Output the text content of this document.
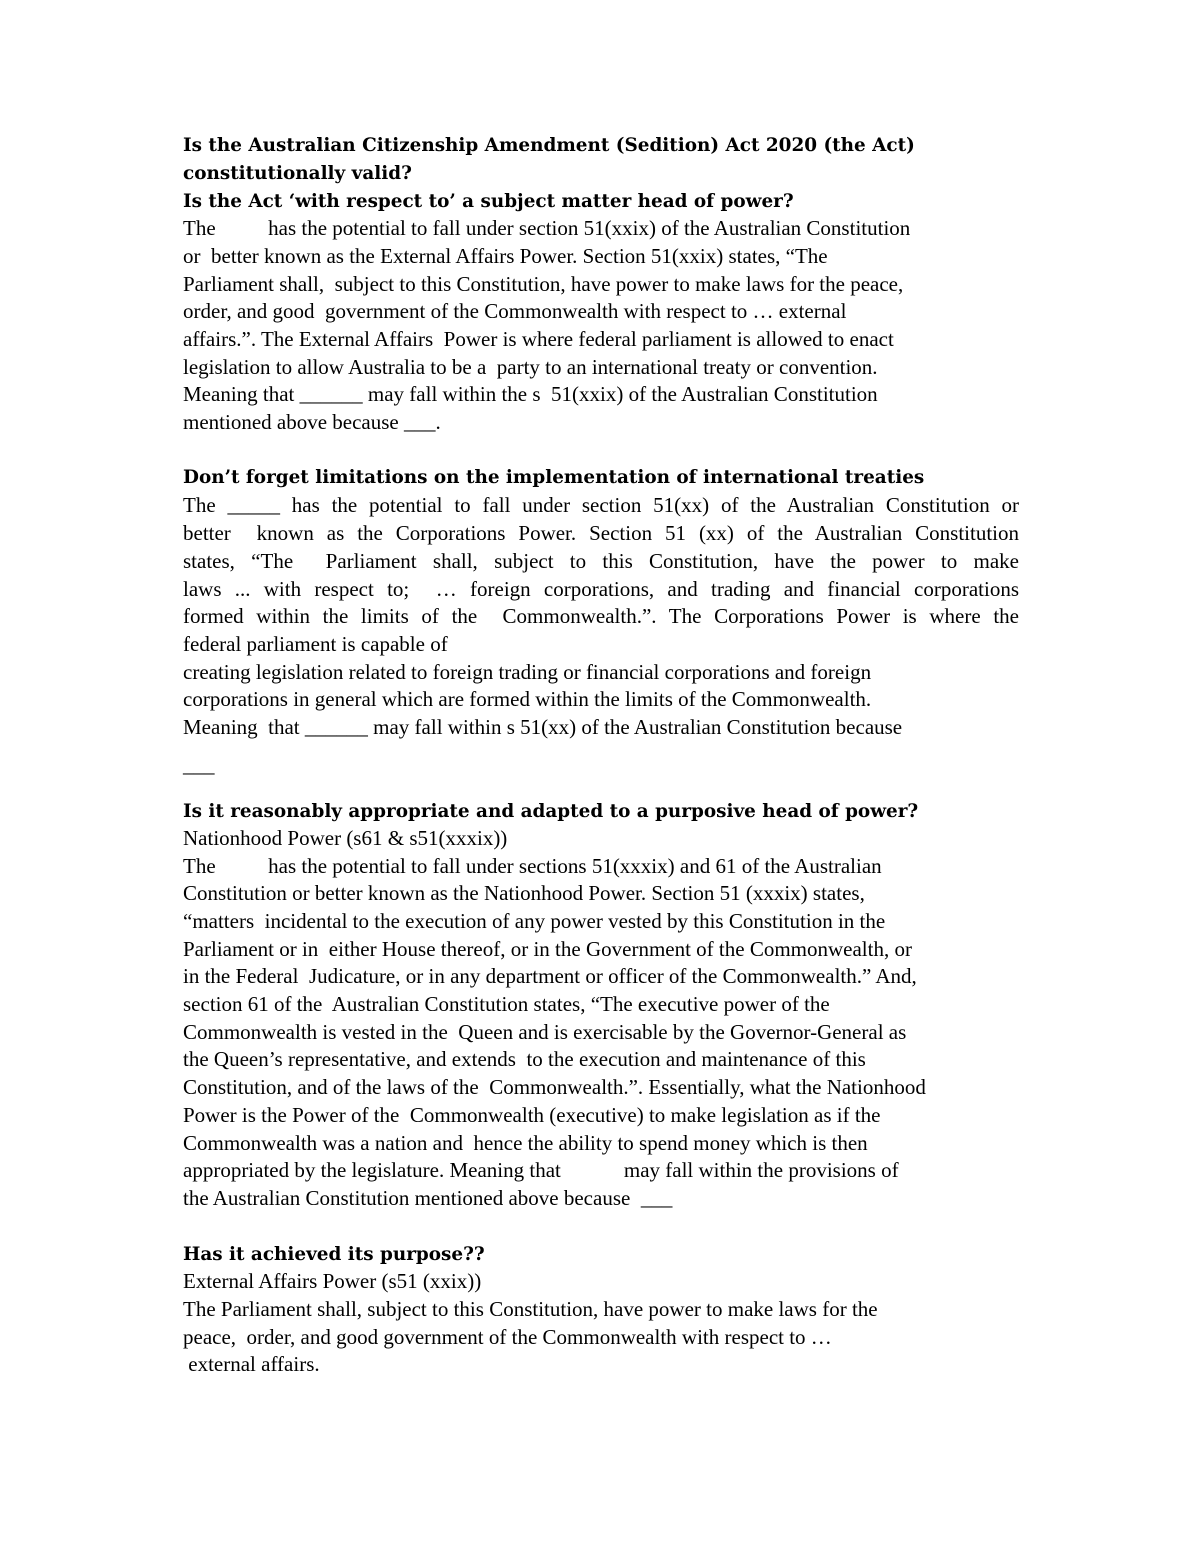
Is the Australian Citizenship Amendment (Sedition) Act 2020 (the Act)

constitutionally valid?

Is the Act ‘with respect to’ a subject matter head of power?

The          has the potential to fall under section 51(xxix) of the Australian Constitution

or  better known as the External Affairs Power. Section 51(xxix) states, “The

Parliament shall,  subject to this Constitution, have power to make laws for the peace,

order, and good  government of the Commonwealth with respect to … external

affairs.”. The External Affairs  Power is where federal parliament is allowed to enact

legislation to allow Australia to be a  party to an international treaty or convention.

Meaning that ______ may fall within the s  51(xxix) of the Australian Constitution

mentioned above because ___.

Don’t forget limitations on the implementation of international treaties

The _____ has the potential to fall under section 51(xx) of the Australian Constitution or

better  known as the Corporations Power. Section 51 (xx) of the Australian Constitution

states, “The  Parliament shall, subject to this Constitution, have the power to make

laws ... with respect to;  … foreign corporations, and trading and financial corporations

formed within the limits of the  Commonwealth.”. The Corporations Power is where the

federal parliament is capable of

creating legislation related to foreign trading or financial corporations and foreign

corporations in general which are formed within the limits of the Commonwealth.

Meaning  that ______ may fall within s 51(xx) of the Australian Constitution because

___

Is it reasonably appropriate and adapted to a purposive head of power?

Nationhood Power (s61 & s51(xxxix))

The          has the potential to fall under sections 51(xxxix) and 61 of the Australian

Constitution or better known as the Nationhood Power. Section 51 (xxxix) states,

“matters  incidental to the execution of any power vested by this Constitution in the

Parliament or in  either House thereof, or in the Government of the Commonwealth, or

in the Federal  Judicature, or in any department or officer of the Commonwealth.” And,

section 61 of the  Australian Constitution states, “The executive power of the

Commonwealth is vested in the  Queen and is exercisable by the Governor-General as

the Queen’s representative, and extends  to the execution and maintenance of this

Constitution, and of the laws of the  Commonwealth.”. Essentially, what the Nationhood

Power is the Power of the  Commonwealth (executive) to make legislation as if the

Commonwealth was a nation and  hence the ability to spend money which is then

appropriated by the legislature. Meaning that            may fall within the provisions of

the Australian Constitution mentioned above because  ___

Has it achieved its purpose??

External Affairs Power (s51 (xxix))

The Parliament shall, subject to this Constitution, have power to make laws for the

peace,  order, and good government of the Commonwealth with respect to …

external affairs.
